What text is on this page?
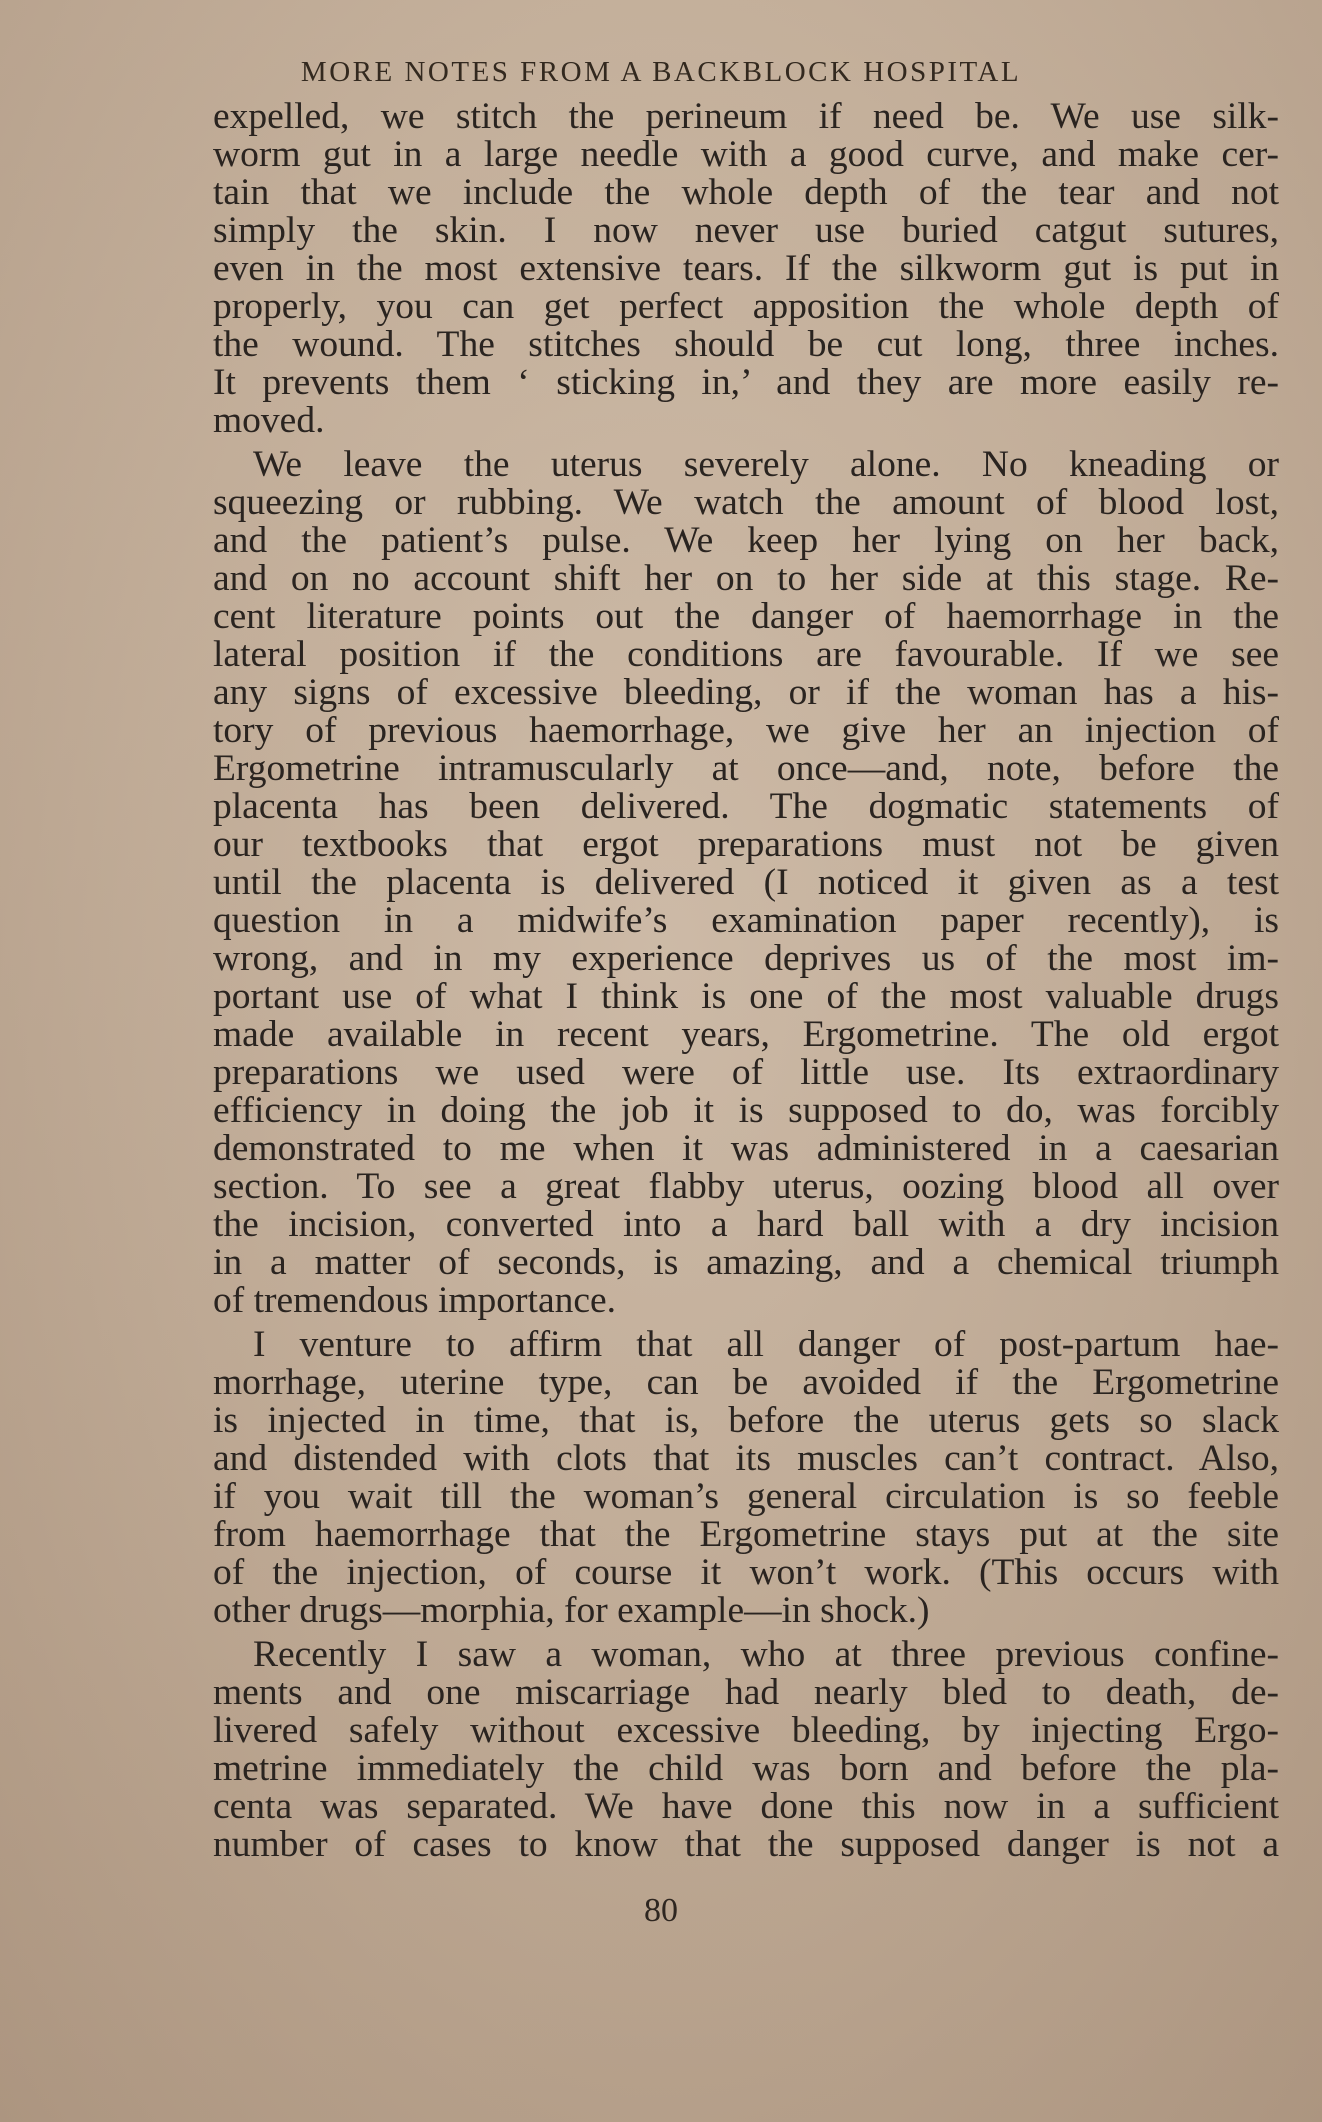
MORE NOTES FROM A BACKBLOCK HOSPITAL
expelled, we stitch the perineum if need be. We use silk-
worm gut in a large needle with a good curve, and make cer-
tain that we include the whole depth of the tear and not
simply the skin. I now never use buried catgut sutures,
even in the most extensive tears. If the silkworm gut is put in
properly, you can get perfect apposition the whole depth of
the wound. The stitches should be cut long, three inches.
It prevents them ‘ sticking in,’ and they are more easily re-
moved.
We leave the uterus severely alone. No kneading or
squeezing or rubbing. We watch the amount of blood lost,
and the patient’s pulse. We keep her lying on her back,
and on no account shift her on to her side at this stage. Re-
cent literature points out the danger of haemorrhage in the
lateral position if the conditions are favourable. If we see
any signs of excessive bleeding, or if the woman has a his-
tory of previous haemorrhage, we give her an injection of
Ergometrine intramuscularly at once—and, note, before the
placenta has been delivered. The dogmatic statements of
our textbooks that ergot preparations must not be given
until the placenta is delivered (I noticed it given as a test
question in a midwife’s examination paper recently), is
wrong, and in my experience deprives us of the most im-
portant use of what I think is one of the most valuable drugs
made available in recent years, Ergometrine. The old ergot
preparations we used were of little use. Its extraordinary
efficiency in doing the job it is supposed to do, was forcibly
demonstrated to me when it was administered in a caesarian
section. To see a great flabby uterus, oozing blood all over
the incision, converted into a hard ball with a dry incision
in a matter of seconds, is amazing, and a chemical triumph
of tremendous importance.
I venture to affirm that all danger of post-partum hae-
morrhage, uterine type, can be avoided if the Ergometrine
is injected in time, that is, before the uterus gets so slack
and distended with clots that its muscles can’t contract. Also,
if you wait till the woman’s general circulation is so feeble
from haemorrhage that the Ergometrine stays put at the site
of the injection, of course it won’t work. (This occurs with
other drugs—morphia, for example—in shock.)
Recently I saw a woman, who at three previous confine-
ments and one miscarriage had nearly bled to death, de-
livered safely without excessive bleeding, by injecting Ergo-
metrine immediately the child was born and before the pla-
centa was separated. We have done this now in a sufficient
number of cases to know that the supposed danger is not a
80
